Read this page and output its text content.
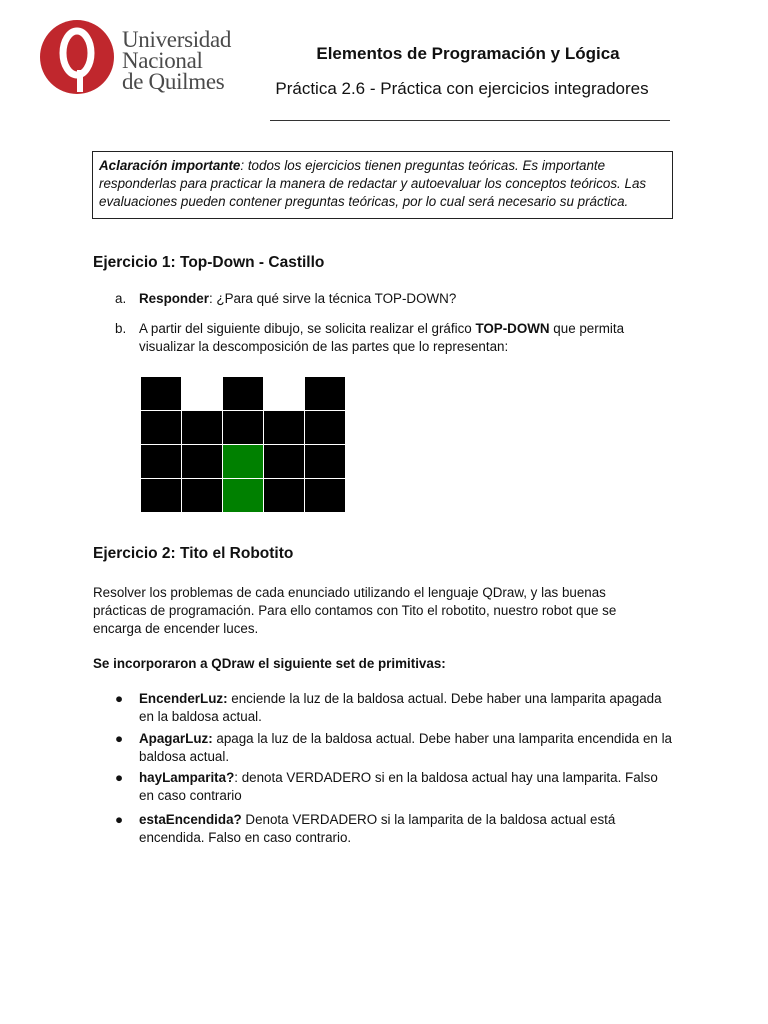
Universidad
Nacional
de Quilmes
Elementos de Programación y Lógica
Práctica 2.6 - Práctica con ejercicios integradores
Aclaración importante: todos los ejercicios tienen preguntas teóricas. Es importante responderlas para practicar la manera de redactar y autoevaluar los conceptos teóricos. Las evaluaciones pueden contener preguntas teóricas, por lo cual será necesario su práctica.
Ejercicio 1: Top-Down - Castillo
a. Responder: ¿Para qué sirve la técnica TOP-DOWN?
b. A partir del siguiente dibujo, se solicita realizar el gráfico TOP-DOWN que permita visualizar la descomposición de las partes que lo representan:
Ejercicio 2: Tito el Robotito
Resolver los problemas de cada enunciado utilizando el lenguaje QDraw, y las buenas prácticas de programación. Para ello contamos con Tito el robotito, nuestro robot que se encarga de encender luces.
Se incorporaron a QDraw el siguiente set de primitivas:
● EncenderLuz: enciende la luz de la baldosa actual. Debe haber una lamparita apagada en la baldosa actual.
● ApagarLuz: apaga la luz de la baldosa actual. Debe haber una lamparita encendida en la baldosa actual.
● hayLamparita?: denota VERDADERO si en la baldosa actual hay una lamparita. Falso en caso contrario
● estaEncendida? Denota VERDADERO si la lamparita de la baldosa actual está encendida. Falso en caso contrario.
